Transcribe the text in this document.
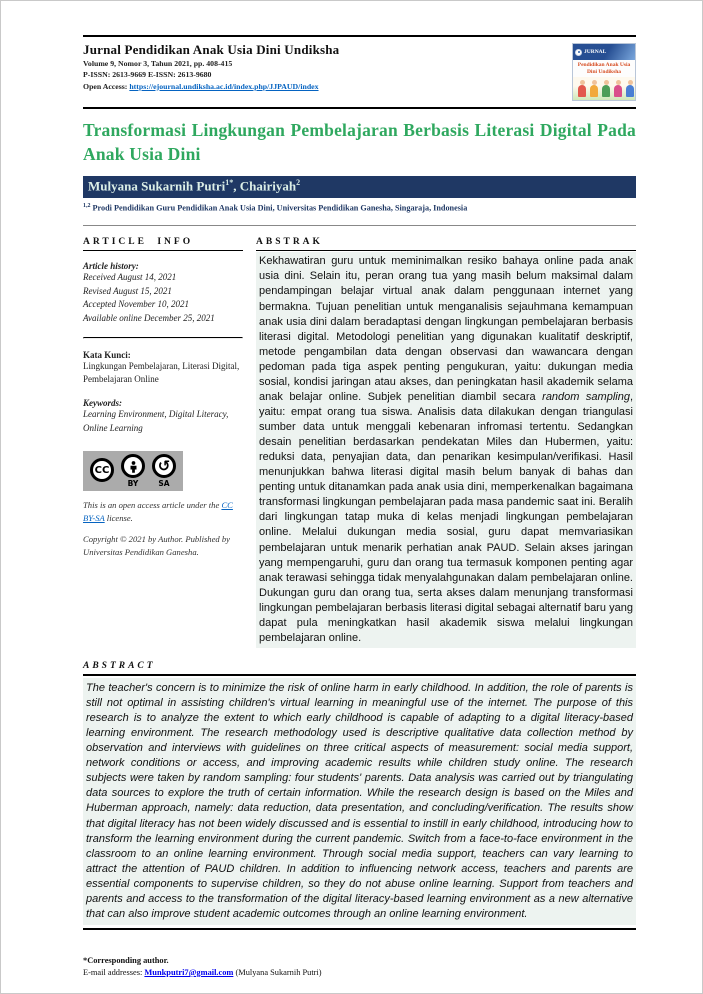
Jurnal Pendidikan Anak Usia Dini Undiksha
Volume 9, Nomor 3, Tahun 2021, pp. 408-415
P-ISSN: 2613-9669 E-ISSN: 2613-9680
Open Access: https://ejournal.undiksha.ac.id/index.php/JJPAUD/index
JURNAL
Pendidikan Anak Usia Dini Undiksha
Transformasi Lingkungan Pembelajaran Berbasis Literasi Digital Pada Anak Usia Dini
Mulyana Sukarnih Putri$^{1*}$, Chairiyah$^2$
$^{1,2}$ Prodi Pendidikan Guru Pendidikan Anak Usia Dini, Universitas Pendidikan Ganesha, Singaraja, Indonesia
ARTICLE INFO
Article history:
Received August 14, 2021
Revised August 15, 2021
Accepted November 10, 2021
Available online December 25, 2021
Kata Kunci:
Lingkungan Pembelajaran, Literasi Digital, Pembelajaran Online
Keywords:
Learning Environment, Digital Literacy, Online Learning
CC
BY
↺
SA
This is an open access article under the CC BY-SA license.
Copyright © 2021 by Author. Published by Universitas Pendidikan Ganesha.
ABSTRAK
Kekhawatiran guru untuk meminimalkan resiko bahaya online pada anak usia dini. Selain itu, peran orang tua yang masih belum maksimal dalam pendampingan belajar virtual anak dalam penggunaan internet yang bermakna. Tujuan penelitian untuk menganalisis sejauhmana kemampuan anak usia dini dalam beradaptasi dengan lingkungan pembelajaran berbasis literasi digital. Metodologi penelitian yang digunakan kualitatif deskriptif, metode pengambilan data dengan observasi dan wawancara dengan pedoman pada tiga aspek penting pengukuran, yaitu: dukungan media sosial, kondisi jaringan atau akses, dan peningkatan hasil akademik selama anak belajar online. Subjek penelitian diambil secara random sampling, yaitu: empat orang tua siswa. Analisis data dilakukan dengan triangulasi sumber data untuk menggali kebenaran infromasi tertentu. Sedangkan desain penelitian berdasarkan pendekatan Miles dan Hubermen, yaitu: reduksi data, penyajian data, dan penarikan kesimpulan/verifikasi. Hasil menunjukkan bahwa literasi digital masih belum banyak di bahas dan penting untuk ditanamkan pada anak usia dini, memperkenalkan bagaimana transformasi lingkungan pembelajaran pada masa pandemic saat ini. Beralih dari lingkungan tatap muka di kelas menjadi lingkungan pembelajaran online. Melalui dukungan media sosial, guru dapat memvariasikan pembelajaran untuk menarik perhatian anak PAUD. Selain akses jaringan yang mempengaruhi, guru dan orang tua termasuk komponen penting agar anak terawasi sehingga tidak menyalahgunakan dalam pembelajaran online. Dukungan guru dan orang tua, serta akses dalam menunjang transformasi lingkungan pembelajaran berbasis literasi digital sebagai alternatif baru yang dapat pula meningkatkan hasil akademik siswa melalui lingkungan pembelajaran online.
ABSTRACT
The teacher's concern is to minimize the risk of online harm in early childhood. In addition, the role of parents is still not optimal in assisting children's virtual learning in meaningful use of the internet. The purpose of this research is to analyze the extent to which early childhood is capable of adapting to a digital literacy-based learning environment. The research methodology used is descriptive qualitative data collection method by observation and interviews with guidelines on three critical aspects of measurement: social media support, network conditions or access, and improving academic results while children study online. The research subjects were taken by random sampling: four students' parents. Data analysis was carried out by triangulating data sources to explore the truth of certain information. While the research design is based on the Miles and Huberman approach, namely: data reduction, data presentation, and concluding/verification. The results show that digital literacy has not been widely discussed and is essential to instill in early childhood, introducing how to transform the learning environment during the current pandemic. Switch from a face-to-face environment in the classroom to an online learning environment. Through social media support, teachers can vary learning to attract the attention of PAUD children. In addition to influencing network access, teachers and parents are essential components to supervise children, so they do not abuse online learning. Support from teachers and parents and access to the transformation of the digital literacy-based learning environment as a new alternative that can also improve student academic outcomes through an online learning environment.
*Corresponding author.
E-mail addresses: Munkputri7@gmail.com (Mulyana Sukarnih Putri)
